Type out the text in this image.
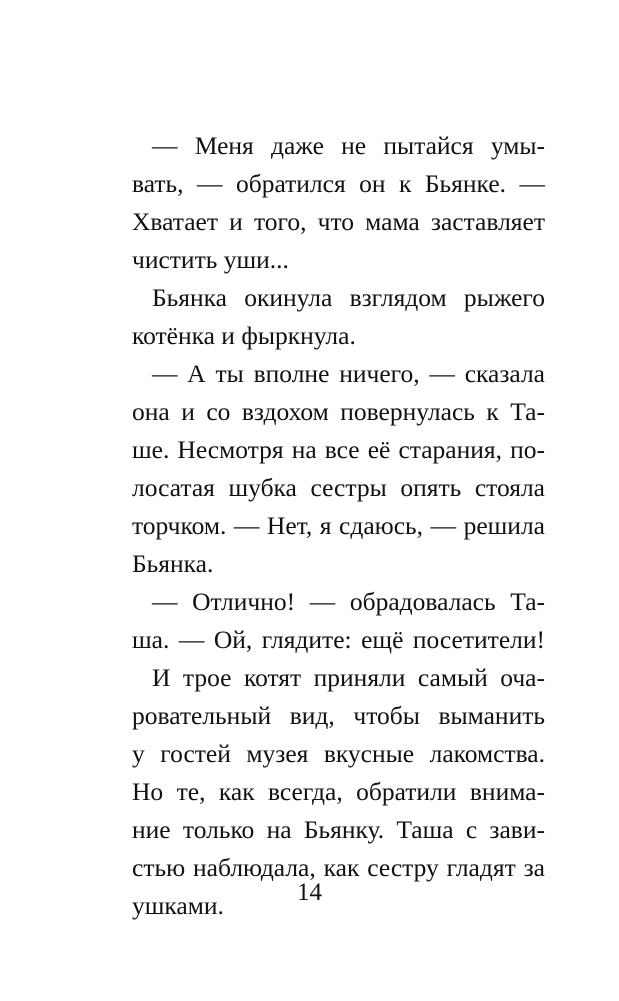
— Меня даже не пытайся умы-
вать, — обратился он к Бьянке. —
Хватает и того, что мама заставляет
чистить уши...
Бьянка окинула взглядом рыжего
котёнка и фыркнула.
— А ты вполне ничего, — сказала
она и со вздохом повернулась к Та-
ше. Несмотря на все её старания, по-
лосатая шубка сестры опять стояла
торчком. — Нет, я сдаюсь, — решила
Бьянка.
— Отлично! — обрадовалась Та-
ша. — Ой, глядите: ещё посетители!
И трое котят приняли самый оча-
ровательный вид, чтобы выманить
у гостей музея вкусные лакомства.
Но те, как всегда, обратили внима-
ние только на Бьянку. Таша с зави-
стью наблюдала, как сестру гладят за
ушками.	14
